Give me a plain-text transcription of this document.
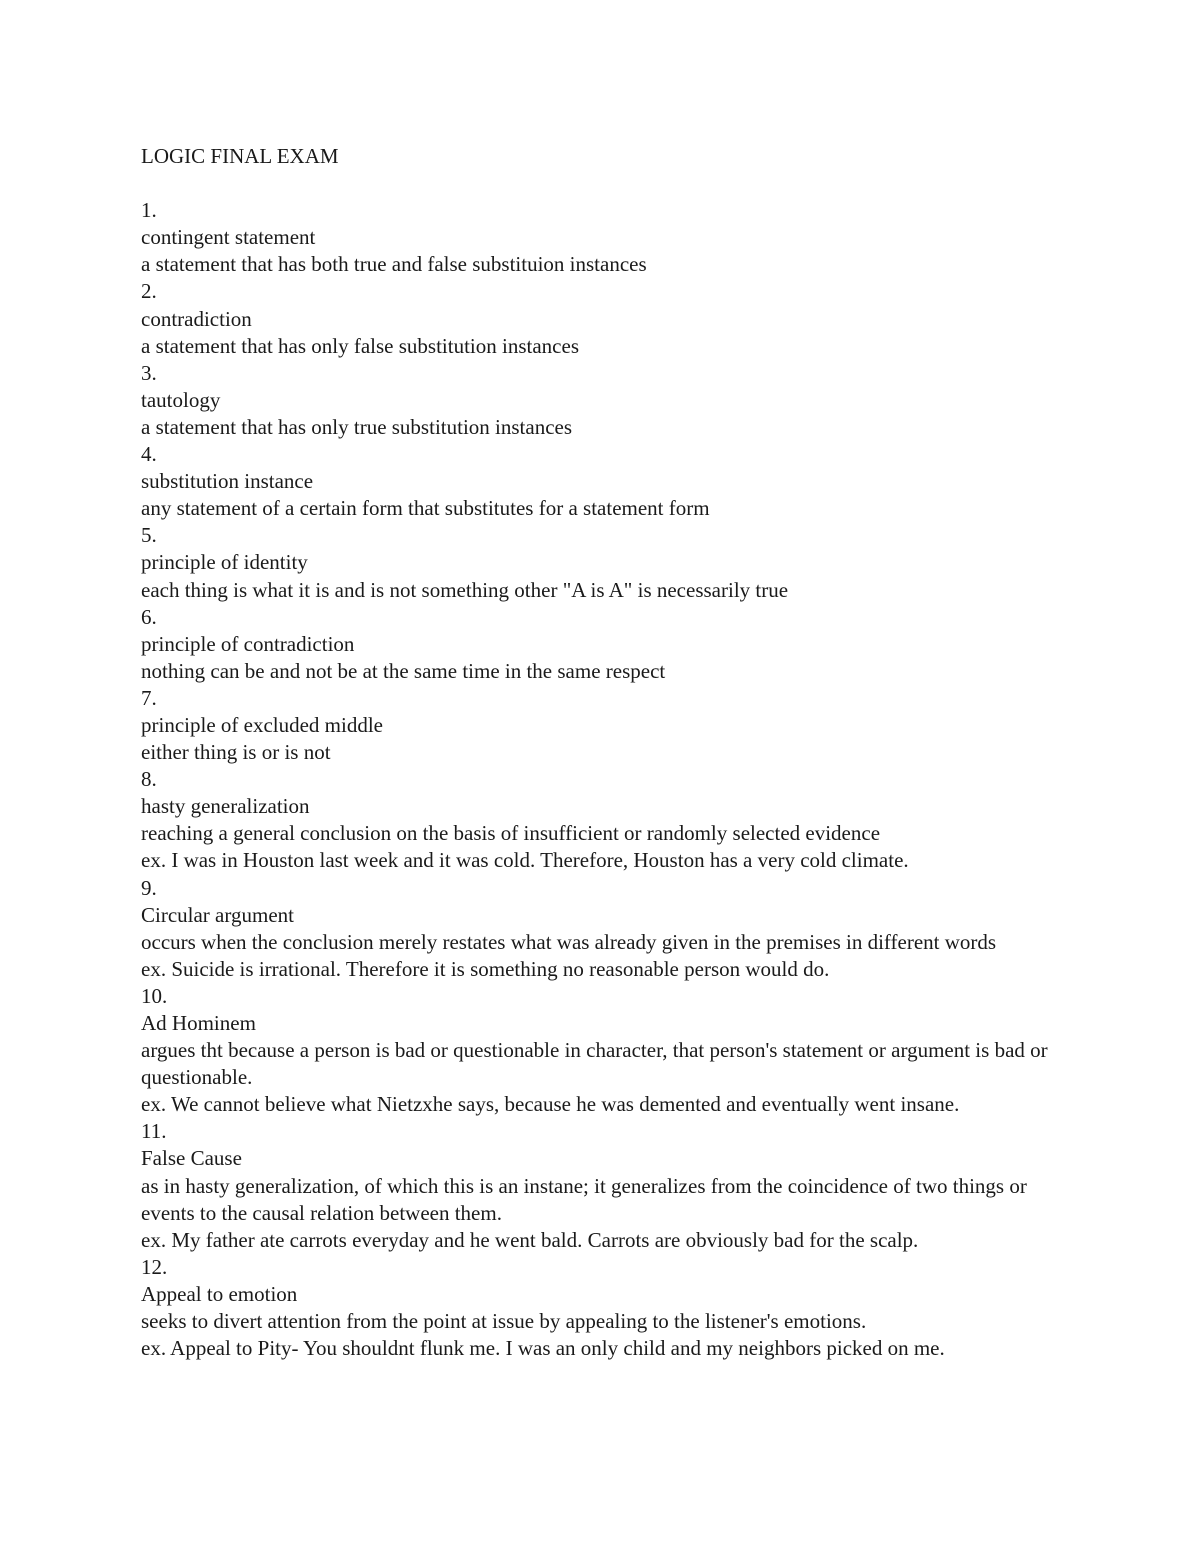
LOGIC FINAL EXAM
1.
contingent statement
a statement that has both true and false substituion instances
2.
contradiction
a statement that has only false substitution instances
3.
tautology
a statement that has only true substitution instances
4.
substitution instance
any statement of a certain form that substitutes for a statement form
5.
principle of identity
each thing is what it is and is not something other "A is A" is necessarily true
6.
principle of contradiction
nothing can be and not be at the same time in the same respect
7.
principle of excluded middle
either thing is or is not
8.
hasty generalization
reaching a general conclusion on the basis of insufficient or randomly selected evidence
ex. I was in Houston last week and it was cold. Therefore, Houston has a very cold climate.
9.
Circular argument
occurs when the conclusion merely restates what was already given in the premises in different words
ex. Suicide is irrational. Therefore it is something no reasonable person would do.
10.
Ad Hominem
argues tht because a person is bad or questionable in character, that person's statement or argument is bad or questionable.
ex. We cannot believe what Nietzxhe says, because he was demented and eventually went insane.
11.
False Cause
as in hasty generalization, of which this is an instane; it generalizes from the coincidence of two things or events to the causal relation between them.
ex. My father ate carrots everyday and he went bald. Carrots are obviously bad for the scalp.
12.
Appeal to emotion
seeks to divert attention from the point at issue by appealing to the listener's emotions.
ex. Appeal to Pity- You shouldnt flunk me. I was an only child and my neighbors picked on me.
